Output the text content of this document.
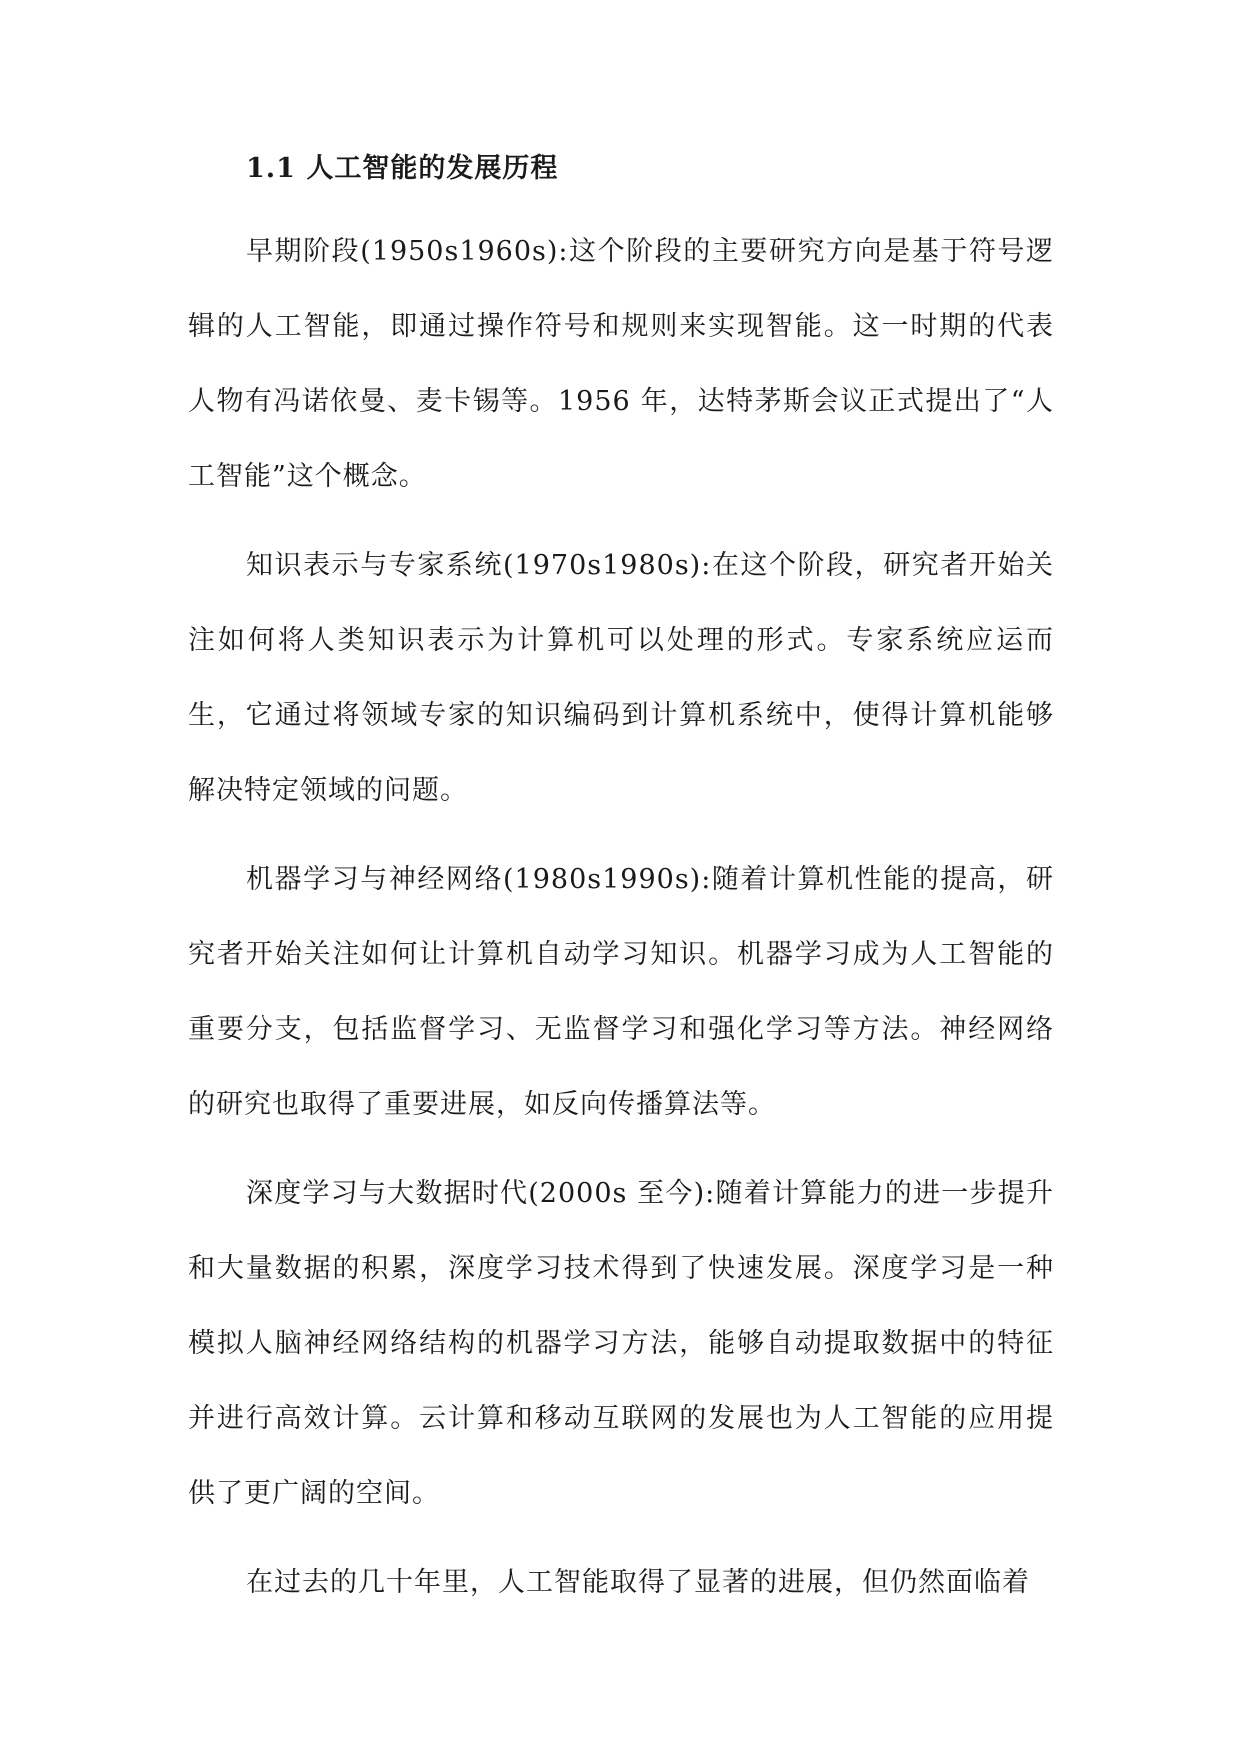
1.1 人工智能的发展历程

早期阶段(1950s1960s):这个阶段的主要研究方向是基于符号逻辑的人工智能，即通过操作符号和规则来实现智能。这一时期的代表人物有冯诺依曼、麦卡锡等。1956 年，达特茅斯会议正式提出了“人工智能”这个概念。

知识表示与专家系统(1970s1980s):在这个阶段，研究者开始关注如何将人类知识表示为计算机可以处理的形式。专家系统应运而生，它通过将领域专家的知识编码到计算机系统中，使得计算机能够解决特定领域的问题。

机器学习与神经网络(1980s1990s):随着计算机性能的提高，研究者开始关注如何让计算机自动学习知识。机器学习成为人工智能的重要分支，包括监督学习、无监督学习和强化学习等方法。神经网络的研究也取得了重要进展，如反向传播算法等。

深度学习与大数据时代(2000s 至今):随着计算能力的进一步提升和大量数据的积累，深度学习技术得到了快速发展。深度学习是一种模拟人脑神经网络结构的机器学习方法，能够自动提取数据中的特征并进行高效计算。云计算和移动互联网的发展也为人工智能的应用提供了更广阔的空间。

在过去的几十年里，人工智能取得了显著的进展，但仍然面临着
